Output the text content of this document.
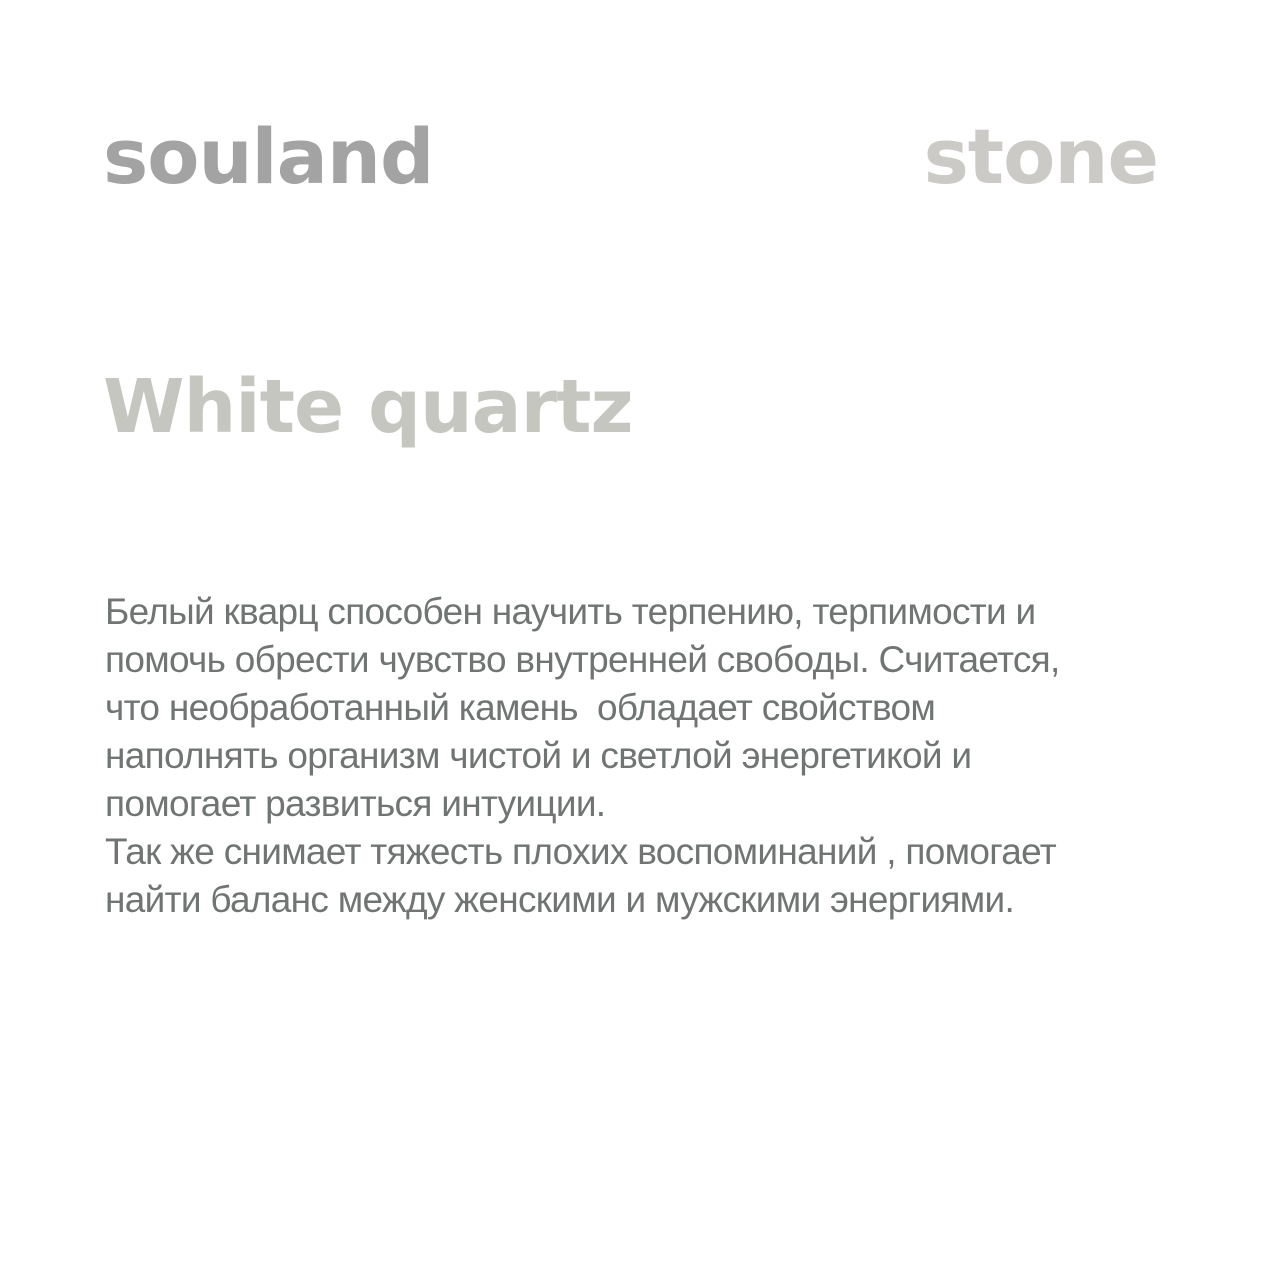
souland	stone
White quartz
Белый кварц способен научить терпению, терпимости и
помочь обрести чувство внутренней свободы. Считается,
что необработанный камень  обладает свойством
наполнять организм чистой и светлой энергетикой и
помогает развиться интуиции.
Так же снимает тяжесть плохих воспоминаний , помогает
найти баланс между женскими и мужскими энергиями.
